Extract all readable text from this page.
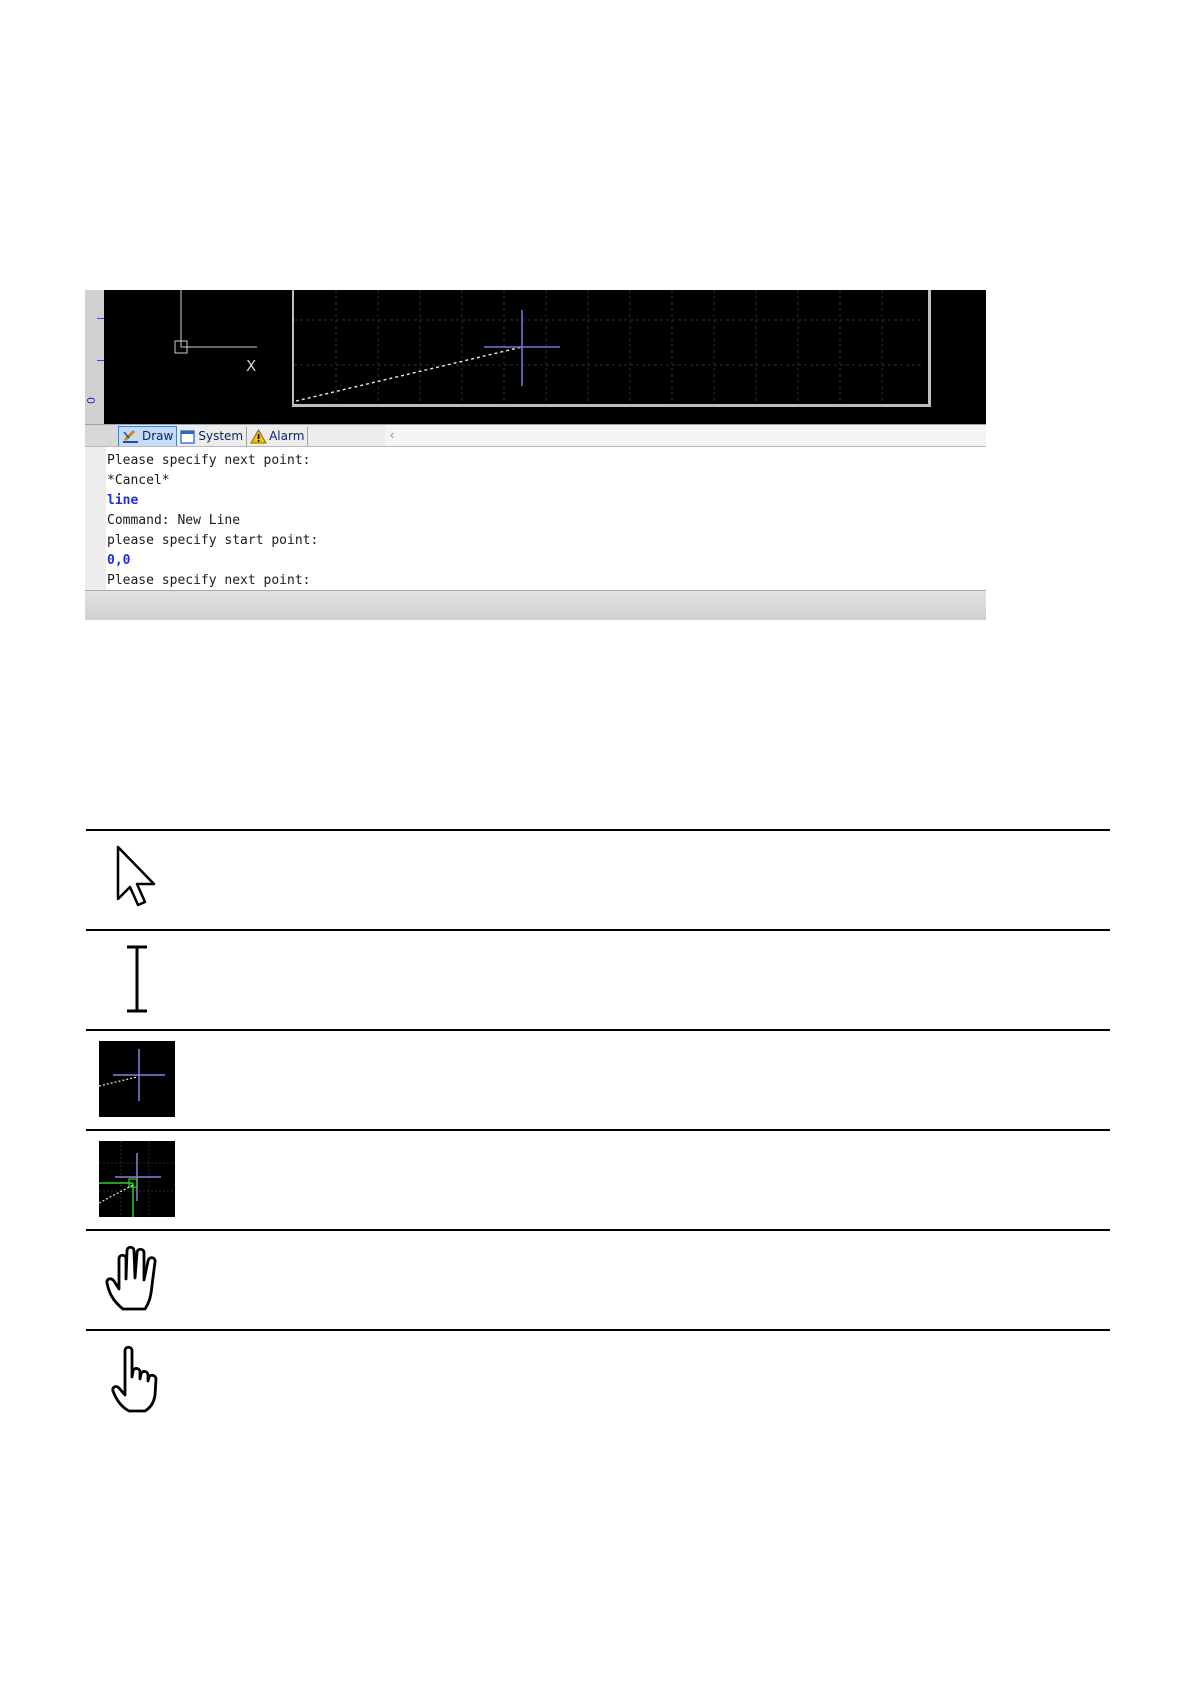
0
X
Draw System Alarm	‹
Please specify next point:
*Cancel*
line
Command: New Line
please specify start point:
0,0
Please specify next point:
